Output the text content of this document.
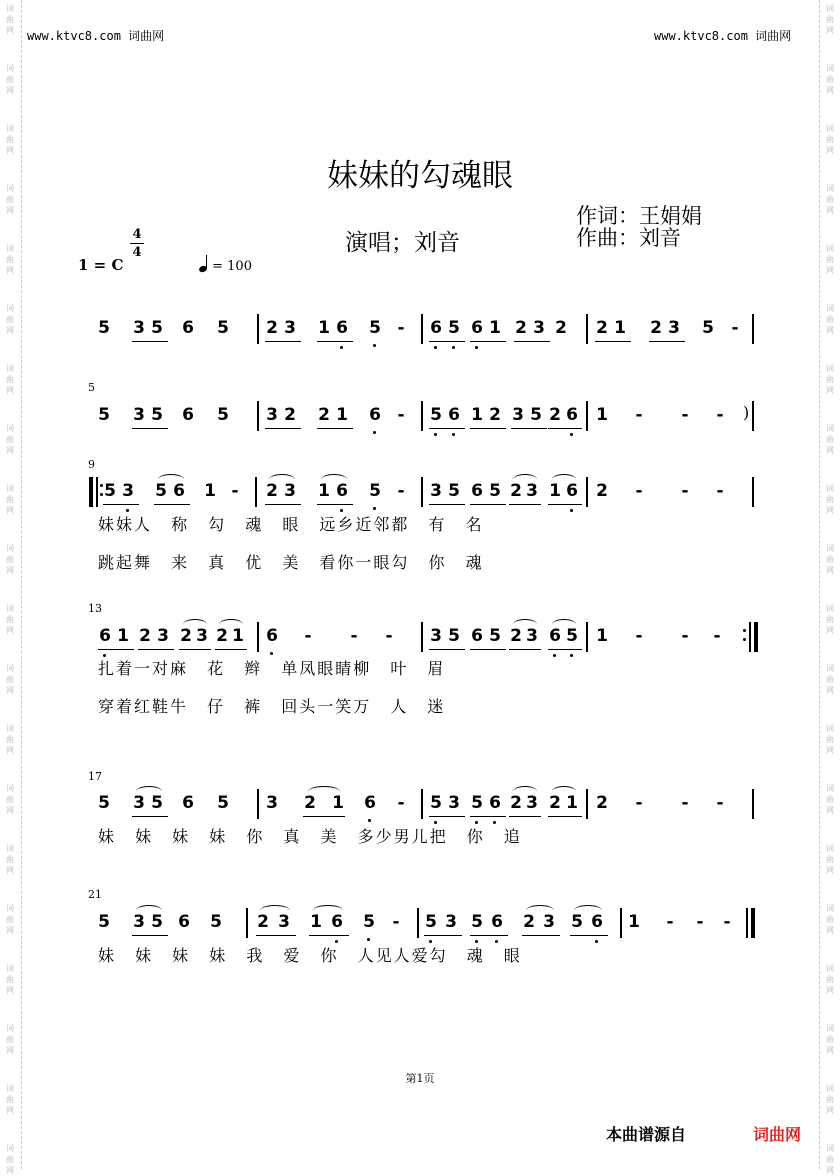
词
曲
网
词
曲
网
词
曲
网
词
曲
网
词
曲
网
词
曲
网
词
曲
网
词
曲
网
词
曲
网
词
曲
网
词
曲
网
词
曲
网
词
曲
网
词
曲
网
词
曲
网
词
曲
网
词
曲
网
词
曲
网
词
曲
网
词
曲
网
词
曲
网
词
曲
网
词
曲
网
词
曲
网
词
曲
网
词
曲
网
词
曲
网
词
曲
网
词
曲
网
词
曲
网
词
曲
网
词
曲
网
词
曲
网
词
曲
网
词
曲
网
词
曲
网
词
曲
网
词
曲
网
词
曲
网
词
曲
网
www.ktvc8.com 词曲网	www.ktvc8.com 词曲网
妹妹的勾魂眼
1 = C
4
4
= 100
演唱；刘音
作词：王娟娟
作曲：刘音
5 3 5 6 5 2 3 1 6 5 - 6 5 6 1 2 3 2 2 1 2 3 5 -
5
5 3 5 6 5 3 2 2 1 6 - 5 6 1 2 3 5 2 6 1 - - - )
9
5 3 5 6 1 - 2 3 1 6 5 - 3 5 6 5 2 3 1 6 2 - - -
妹妹人 称 勾 魂 眼 远乡近邻都 有 名
跳起舞 来 真 优 美 看你一眼勾 你 魂
13
6 1 2 3 2 3 2 1 6 - - - 3 5 6 5 2 3 6 5 1 - - -
扎着一对麻 花 辫 单凤眼睛柳 叶 眉
穿着红鞋牛 仔 裤 回头一笑万 人 迷
17
5 3 5 6 5 3 2 1 6 - 5 3 5 6 2 3 2 1 2 - - -
妹 妹 妹 妹 你 真 美 多少男儿把 你 追
21
5 3 5 6 5 2 3 1 6 5 - 5 3 5 6 2 3 5 6 1 - - -
妹 妹 妹 妹 我 爱 你 人见人爱勾 魂 眼
第1页
本曲谱源自	词曲网
